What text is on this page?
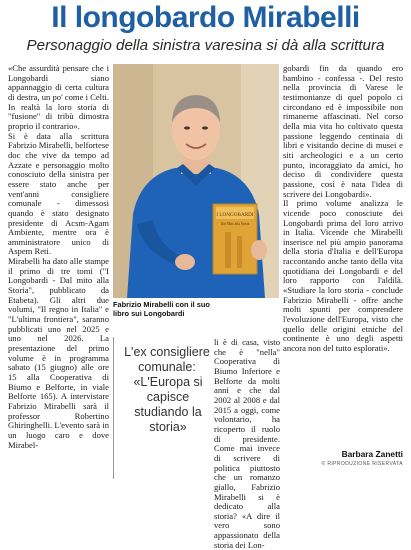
Il longobardo Mirabelli
Personaggio della sinistra varesina si dà alla scrittura

«Che assurdità pensare che i Longobardi siano appannaggio di certa cultura di destra, un po' come i Celti. In realtà la loro storia di "fusione" di tribù dimostra proprio il contrario».

Si è data alla scrittura Fabrizio Mirabelli, belfortese doc che vive da tempo ad Azzate e personaggio molto conosciuto della sinistra per essere stato anche per vent'anni consigliere comunale - dimessosi quando è stato designato presidente di Acsm-Agam Ambiente, mentre ora è amministratore unico di Aspem Reti.

Mirabelli ha dato alle stampe il primo di tre tomi ("I Longobardi - Dal mito alla Storia", pubblicato da Etabeta). Gli altri due volumi, "Il regno in Italia" e "L'ultima frontiera", saranno pubblicati uno nel 2025 e uno nel 2026. La presentazione del primo volume è in programma sabato (15 giugno) alle ore 15 alla Cooperativa di Biumo e Belforte, in viale Belforte 165). A intervistare Fabrizio Mirabelli sarà il professor Robertino Ghiringhelli. L'evento sarà in un luogo caro e dove Mirabel-

I LONGOBARDI
Dal Mito alla Storia
Fabrizio Mirabelli con il suo libro sui Longobardi
L'ex consigliere comunale:
«L'Europa si capisce studiando la storia»

li è di casa, visto che è "nella" Cooperativa di Biumo Inferiore e Belforte da molti anni e che dal 2002 al 2008 e dal 2015 a oggi, come volontario, ha ricoperto il ruolo di presidente. Come mai invece di scrivere di politica piuttosto che un romanzo giallo, Fabrizio Mirabelli si è dedicato alla storia? «A dire il vero sono appassionato della storia dei Lon-

gobardi fin da quando ero bambino - confessa -. Del resto nella provincia di Varese le testimonianze di quel popolo ci circondano ed è impossibile non rimanerne affascinati. Nel corso della mia vita ho coltivato questa passione leggendo centinaia di libri e visitando decine di musei e siti archeologici e a un certo punto, incoraggiato da amici, ho deciso di condividere questa passione, così è nata l'idea di scrivere dei Longobardi».

Il primo volume analizza le vicende poco conosciute dei Longobardi prima del loro arrivo in Italia. Vicende che Mirabelli inserisce nel più ampio panorama della storia d'Italia e dell'Europa raccontando anche tanto della vita quotidiana dei Longobardi e del loro rapporto con l'aldilà. «Studiare la loro storia - conclude Fabrizio Mirabelli - offre anche molti spunti per comprendere l'evoluzione dell'Europa, visto che quello delle origini etniche del continente è uno degli aspetti ancora non del tutto esplorati».

Barbara Zanetti
© RIPRODUZIONE RISERVATA
